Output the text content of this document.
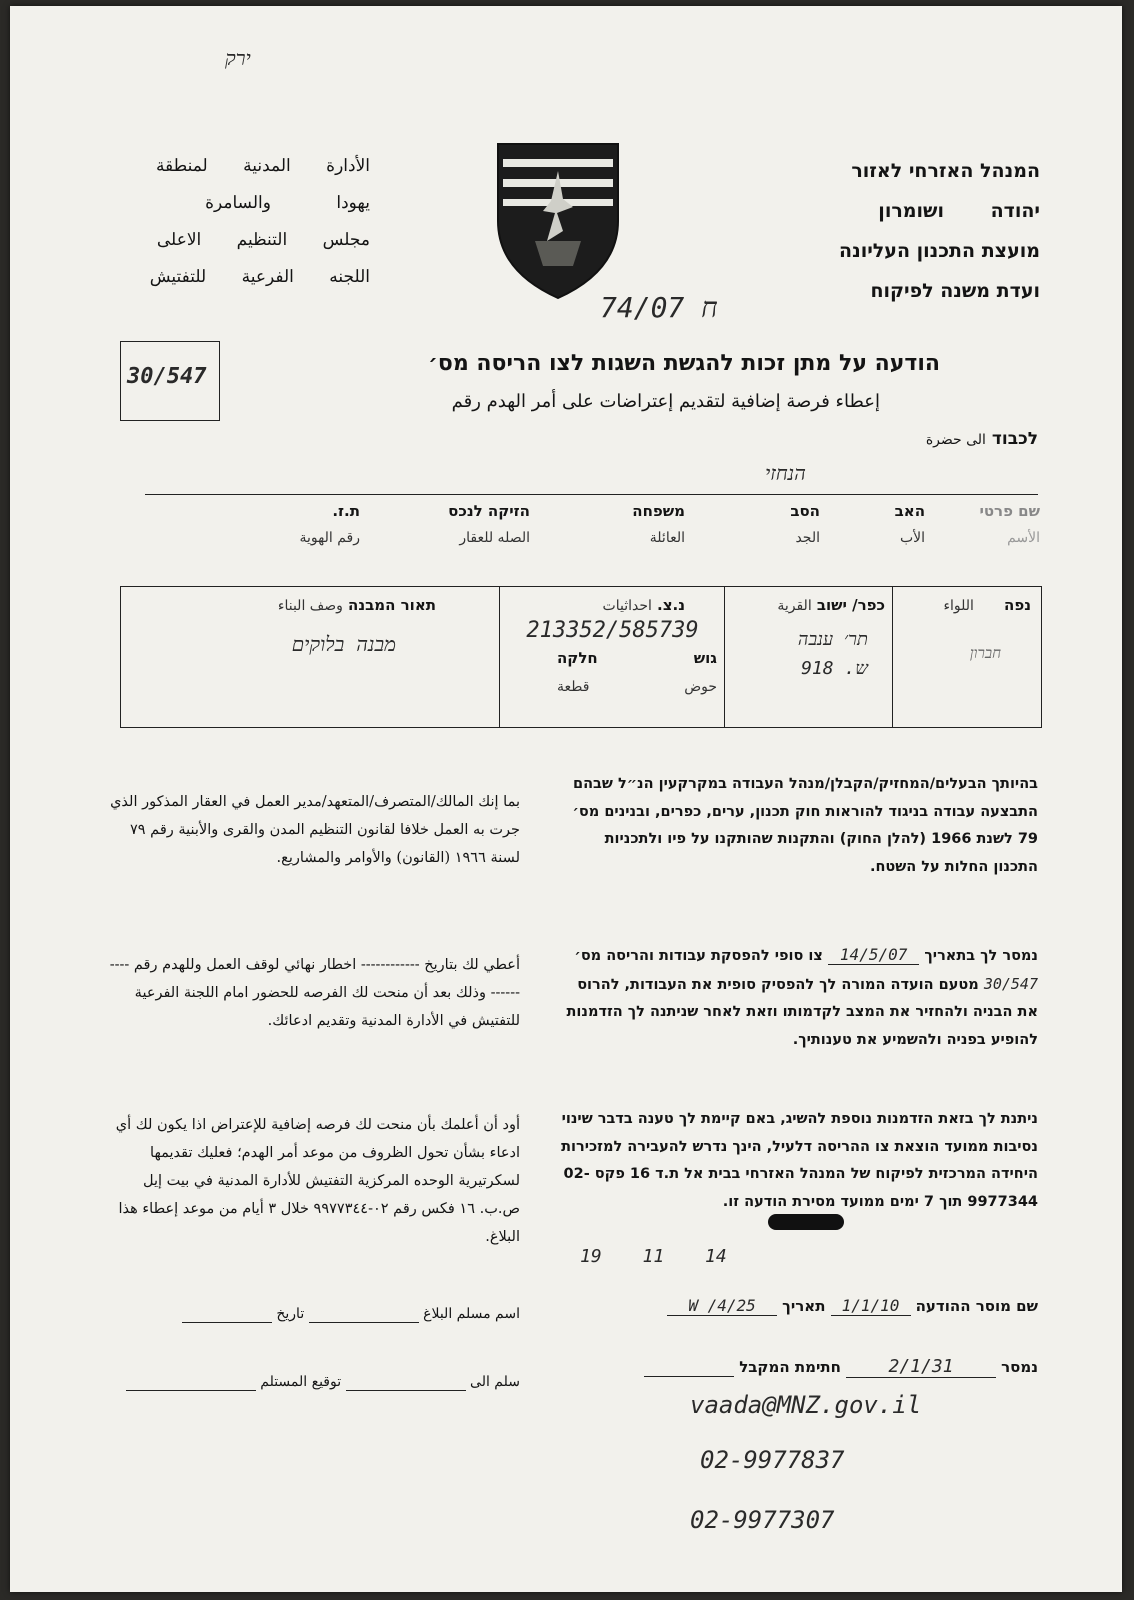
ירק
המנהל האזרחי לאזור
יהודה ושומרון
מועצת התכנון העליונה
ועדת משנה לפיקוח
الأدارة المدنية لمنطقة
يهودا والسامرة
مجلس التنظيم الاعلى
اللجنه الفرعية للتفتيش
74/07 ח
30/547
הודעה על מתן זכות להגשת השגות לצו הריסה מס׳
إعطاء فرصة إضافية لتقديم إعتراضات على أمر الهدم رقم
לכבוד الى حضرة
הנחזי
שם פרטי
الأسم
האב
الأب
הסב
الجد
משפחה
العائلة
הזיקה לנכס
الصله للعقار
ת.ז.
رقم الهوية
נפה اللواء
חברון
כפר/ ישוב القرية
תר׳ ענבה
ש. 918
נ.צ. احداثيات
213352/585739
גוש
חלקה
حوض
قطعة
תאור המבנה وصف البناء
מבנה בלוקים
בהיותך הבעלים/המחזיק/הקבלן/מנהל העבודה במקרקעין הנ״ל שבהם התבצעה עבודה בניגוד להוראות חוק תכנון, ערים, כפרים, ובנינים מס׳ 79 לשנת 1966 (להלן החוק) והתקנות שהותקנו על פיו ולתכניות התכנון החלות על השטח.
נמסר לך בתאריך 14/5/07 צו סופי להפסקת עבודות והריסה מס׳ 30/547 מטעם הועדה המורה לך להפסיק סופית את העבודות, להרוס את הבניה ולהחזיר את המצב לקדמותו וזאת לאחר שניתנה לך הזדמנות להופיע בפניה ולהשמיע את טענותיך.
ניתנת לך בזאת הזדמנות נוספת להשיג, באם קיימת לך טענה בדבר שינוי נסיבות ממועד הוצאת צו ההריסה דלעיל, הינך נדרש להעבירה למזכירות היחידה המרכזית לפיקוח של המנהל האזרחי בבית אל ת.ד 16 פקס 02-9977344 תוך 7 ימים ממועד מסירת הודעה זו.
19 11 14
שם מוסר ההודעה 1/1/10 תאריך W /4/25
נמסר 2/1/31 חתימת המקבל
بما إنك المالك/المتصرف/المتعهد/مدير العمل في العقار المذكور الذي جرت به العمل خلافا لقانون التنظيم المدن والقرى والأبنية رقم ٧٩ لسنة ١٩٦٦ (القانون) والأوامر والمشاريع.
أعطي لك بتاريخ ------------ اخطار نهائي لوقف العمل وللهدم رقم ---------- وذلك بعد أن منحت لك الفرصه للحضور امام اللجنة الفرعية للتفتيش في الأدارة المدنية وتقديم ادعائك.
أود أن أعلمك بأن منحت لك فرصه إضافية للإعتراض اذا يكون لك أي ادعاء بشأن تحول الظروف من موعد أمر الهدم؛ فعليك تقديمها لسكرتيرية الوحده المركزية التفتيش للأدارة المدنية في بيت إيل ص.ب. ١٦ فكس رقم ٠٢-٩٩٧٧٣٤٤ خلال ٣ أيام من موعد إعطاء هذا البلاغ.
اسم مسلم البلاغ   تاريخ
سلم الى   توقيع المستلم
vaada@MNZ.gov.il
02-9977837
02-9977307
